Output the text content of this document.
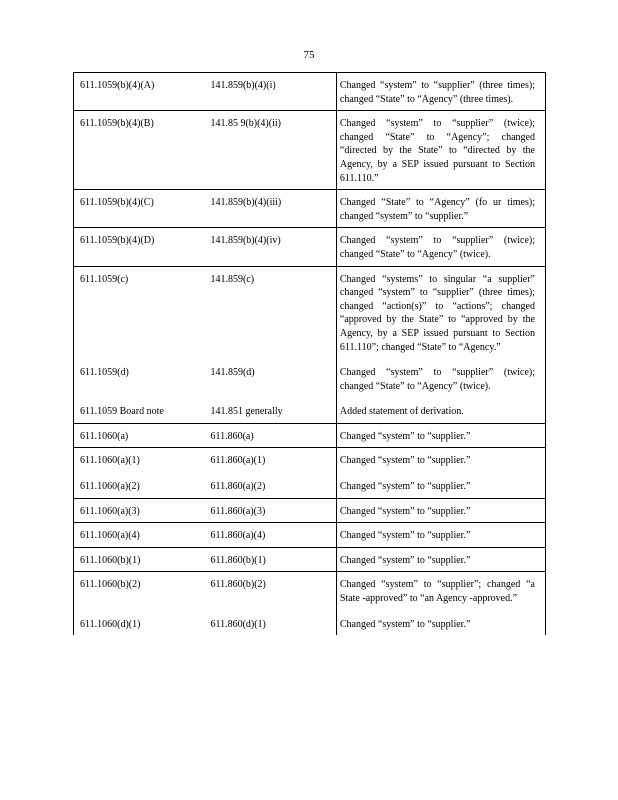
75
611.1059(b)(4)(A)	141.859(b)(4)(i)	Changed “system” to “supplier” (three times); changed “State” to “Agency” (three times).

611.1059(b)(4)(B)	141.85 9(b)(4)(ii)	Changed “system” to “supplier” (twice); changed “State” to “Agency”; changed “directed by the State” to “directed by the Agency, by a SEP issued pursuant to Section 611.110.”

611.1059(b)(4)(C)	141.859(b)(4)(iii)	Changed “State” to “Agency” (fo ur times); changed “system” to “supplier.”

611.1059(b)(4)(D)	141.859(b)(4)(iv)	Changed “system” to “supplier” (twice); changed “State” to “Agency” (twice).

611.1059(c)	141.859(c)	Changed “systems” to singular “a supplier” changed “system” to “supplier” (three times); changed “action(s)” to “actions”; changed “approved by the State” to “approved by the Agency, by a SEP issued pursuant to Section 611.110”; changed “State” to “Agency.”
611.1059(d)	141.859(d)	Changed “system” to “supplier” (twice); changed “State” to “Agency” (twice).
611.1059 Board note	141.851 generally	Added statement of derivation.

611.1060(a)	611.860(a)	Changed “system” to “supplier.”

611.1060(a)(1)	611.860(a)(1)	Changed “system” to “supplier.”
611.1060(a)(2)	611.860(a)(2)	Changed “system” to “supplier.”

611.1060(a)(3)	611.860(a)(3)	Changed “system” to “supplier.”

611.1060(a)(4)	611.860(a)(4)	Changed “system” to “supplier.”

611.1060(b)(1)	611.860(b)(1)	Changed “system” to “supplier.”

611.1060(b)(2)	611.860(b)(2)	Changed “system” to “supplier”; changed “a State -approved” to “an Agency -approved.”
611.1060(d)(1)	611.860(d)(1)	Changed “system” to “supplier.”
